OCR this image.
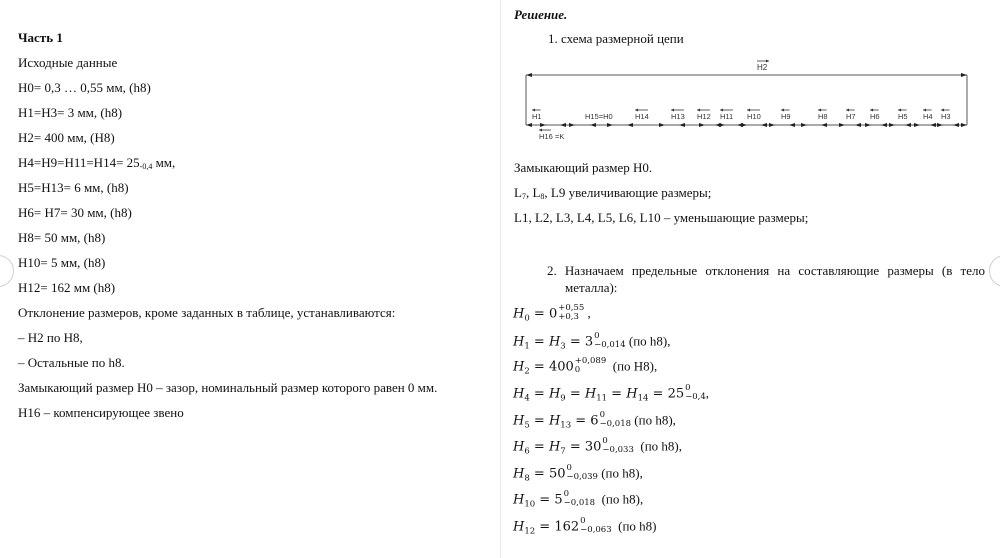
Часть 1
Исходные данные
H0= 0,3 … 0,55 мм, (h8)
H1=H3= 3 мм, (h8)
H2= 400 мм, (H8)
$H4=H9=H11=H14= 25_{-0,4}$ мм,
H5=H13= 6 мм, (h8)
H6= H7= 30 мм, (h8)
H8= 50 мм, (h8)
H10= 5 мм, (h8)
H12= 162 мм (h8)
Отклонение размеров, кроме заданных в таблице, устанавливаются:
– H2 по H8,
– Остальные по h8.
Замыкающий размер H0 – зазор, номинальный размер которого равен 0 мм.
H16 – компенсирующее звено
Решение.
1. схема размерной цепи
H2
H1	H15=H0	H14	H13 H12 H11 H10	H9	H8 H7 H6 H5 H4 H3
H16 =K
Замыкающий размер H0.
$L_7$, $L_8$, L9 увеличивающие размеры;
L1, L2, L3, L4, L5, L6, L10 – уменьшающие размеры;
2. Назначаем предельные отклонения на составляющие размеры (в тело
металла):
$H_0 = 0 +0,55$
+0,3 ,
$H_1 = H_3 = 3$ 0
−0,014 (по h8),
$H_2 = 400 +0,089$
0	(по H8),
$H_4 = H_9 = H_{11} = H_{14} = 25$ 0
−0,4 ,
$H_5 = H_{13} = 6$ 0
−0,018 (по h8),
$H_6 = H_7 = 30$ 0
−0,033 (по h8),
$H_8 = 50$ 0
−0,039 (по h8),
$H_{10} = 5$ 0
−0,018 (по h8),
$H_{12} = 162$ 0
−0,063 (по h8)
